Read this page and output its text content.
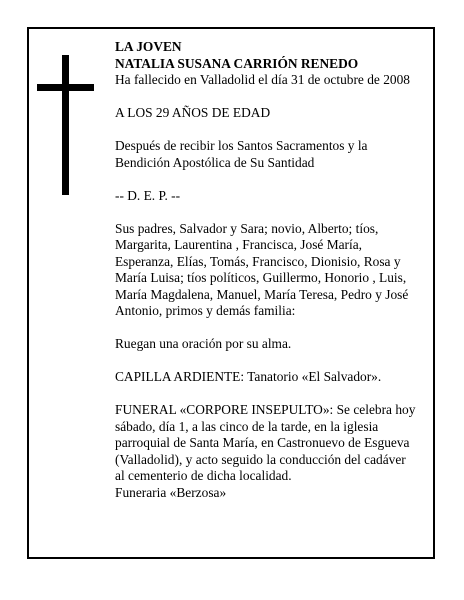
LA JOVEN

NATALIA SUSANA CARRIÓN RENEDO

Ha fallecido en Valladolid el día 31 de octubre de 2008

A LOS 29 AÑOS DE EDAD

Después de recibir los Santos Sacramentos y la

Bendición Apostólica de Su Santidad

-- D. E. P. --

Sus padres, Salvador y Sara; novio, Alberto; tíos,

Margarita, Laurentina , Francisca, José María,

Esperanza, Elías, Tomás, Francisco, Dionisio, Rosa y

María Luisa; tíos políticos, Guillermo, Honorio , Luis,

María Magdalena, Manuel, María Teresa, Pedro y José

Antonio, primos y demás familia:

Ruegan una oración por su alma.

CAPILLA ARDIENTE: Tanatorio «El Salvador».

FUNERAL «CORPORE INSEPULTO»: Se celebra hoy

sábado, día 1, a las cinco de la tarde, en la iglesia

parroquial de Santa María, en Castronuevo de Esgueva

(Valladolid), y acto seguido la conducción del cadáver

al cementerio de dicha localidad.

Funeraria «Berzosa»
